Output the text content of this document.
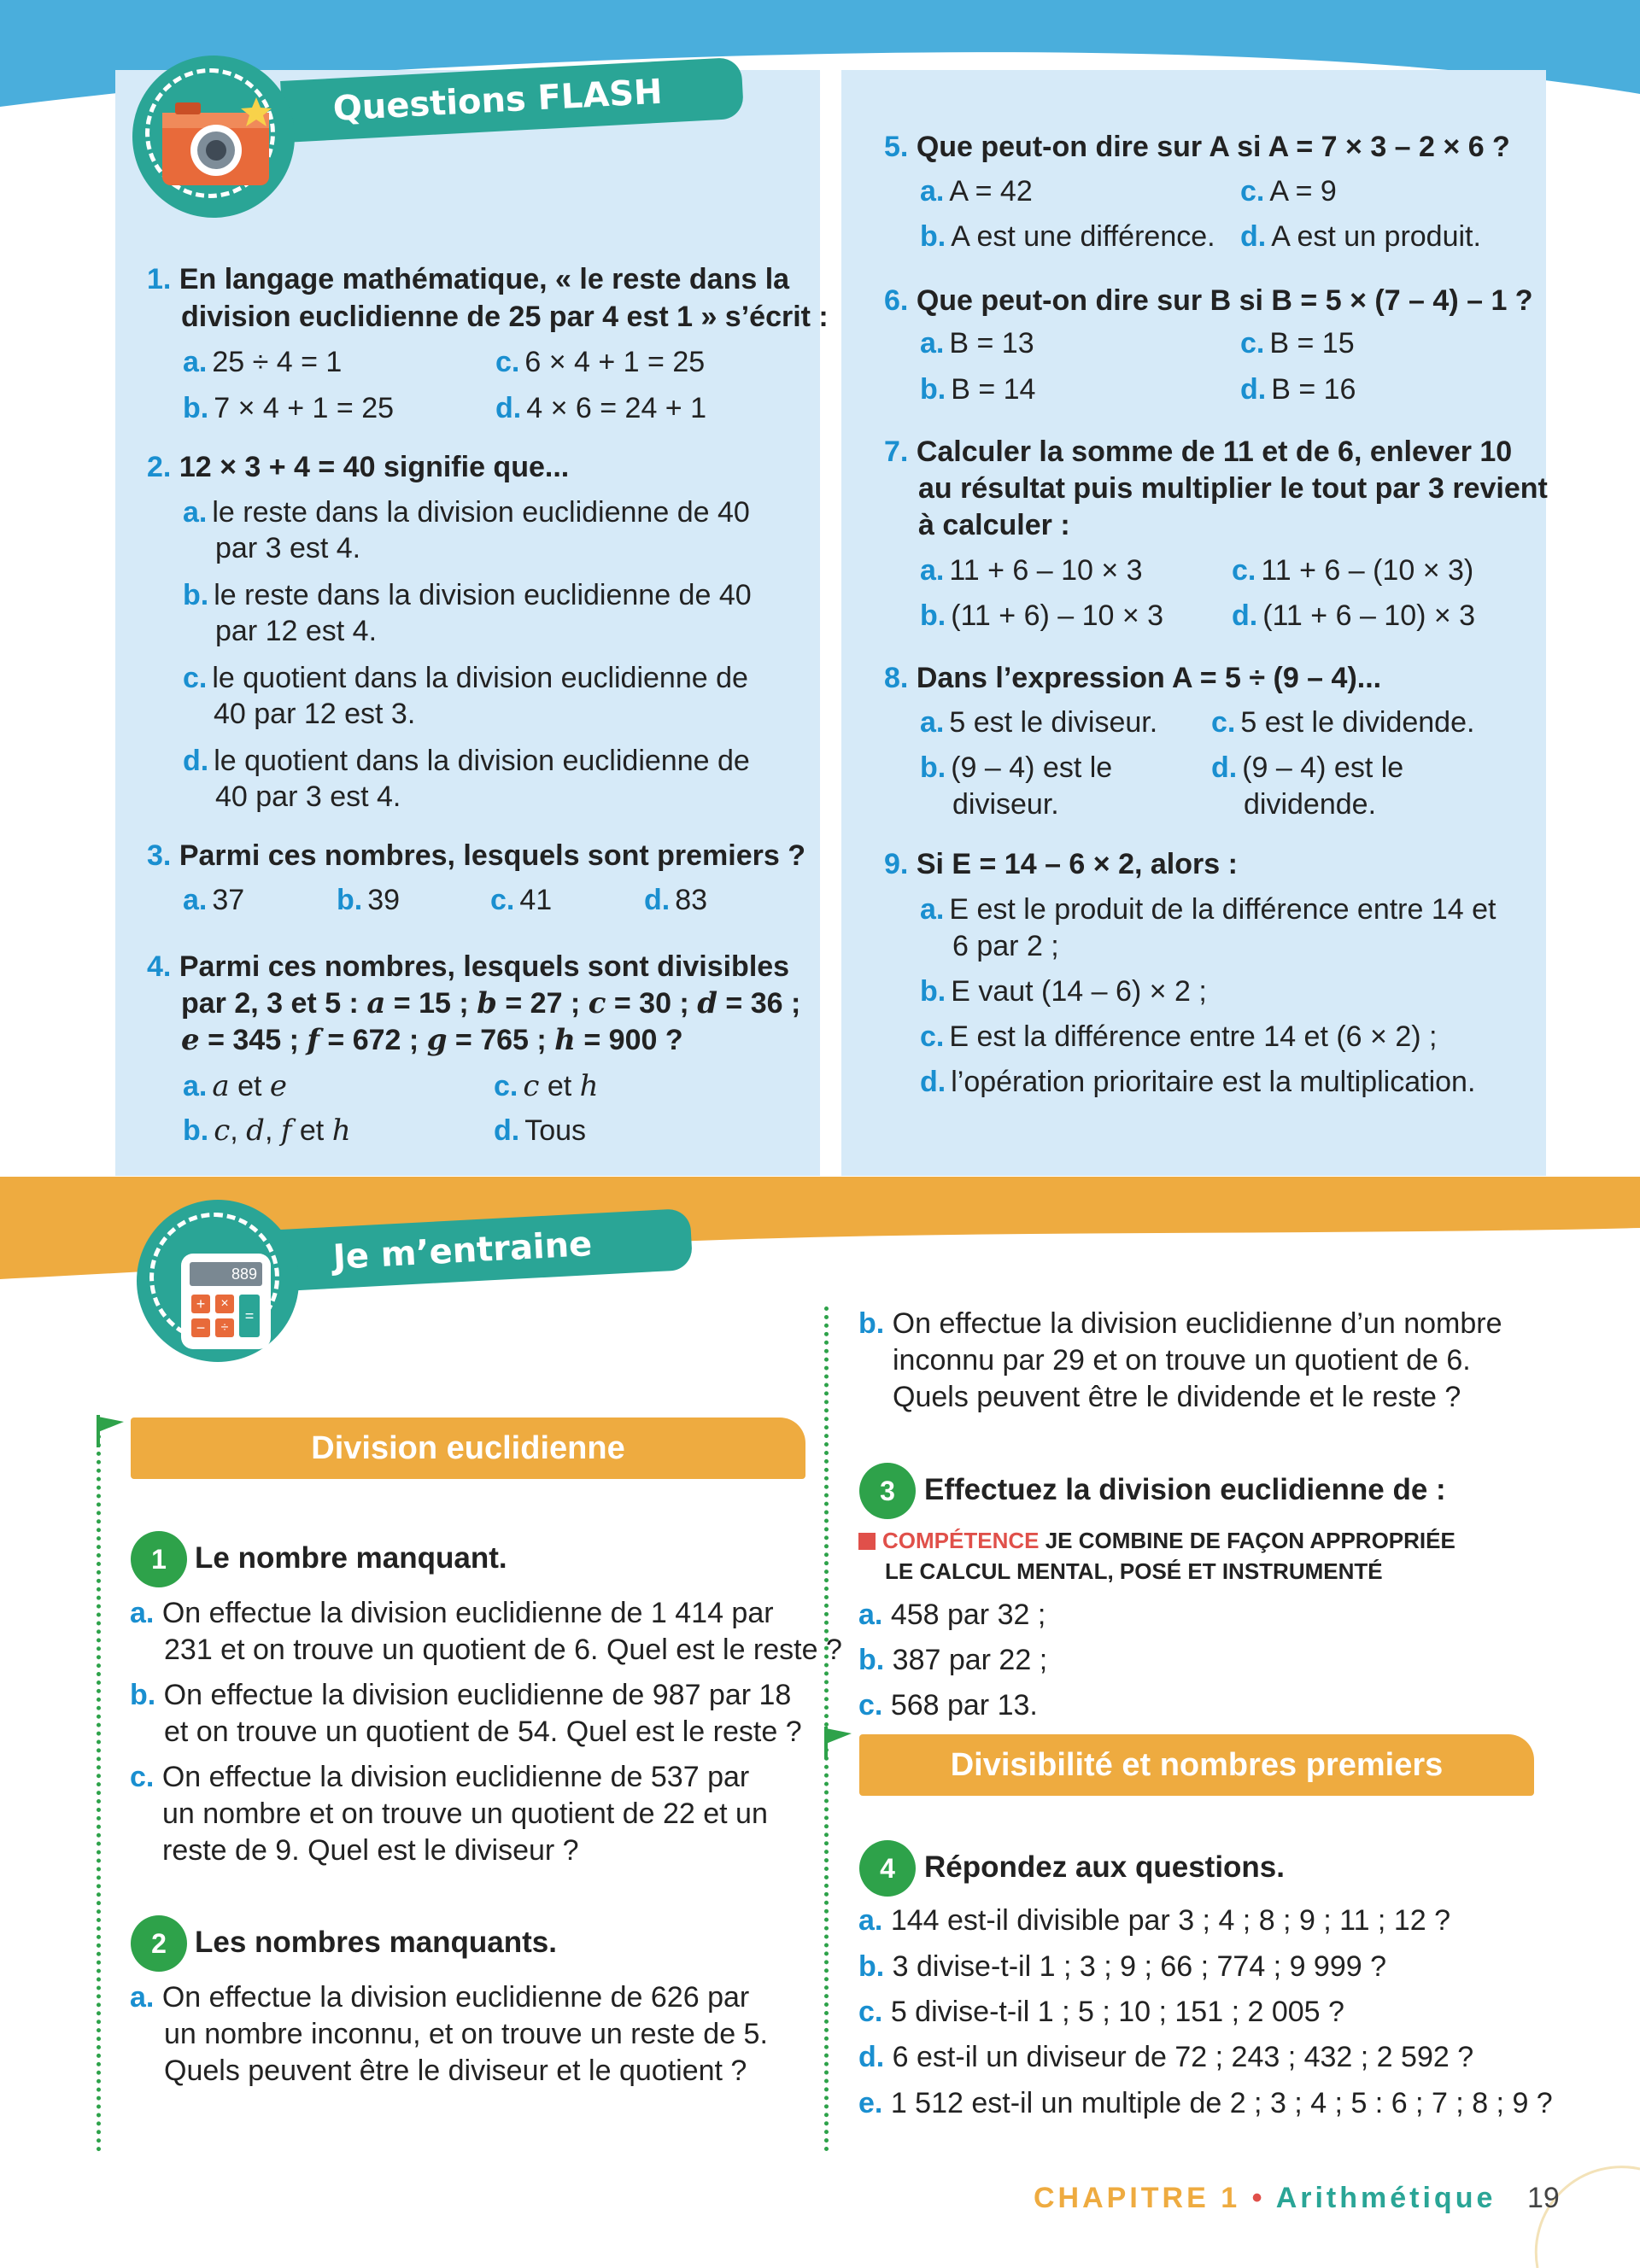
Questions FLASH
1. En langage mathématique, « le reste dans la
division euclidienne de 25 par 4 est 1 » s’écrit :
a. 25 ÷ 4 = 1	c. 6 × 4 + 1 = 25
b. 7 × 4 + 1 = 25	d. 4 × 6 = 24 + 1
2. 12 × 3 + 4 = 40 signifie que...
a. le reste dans la division euclidienne de 40
par 3 est 4.
b. le reste dans la division euclidienne de 40
par 12 est 4.
c. le quotient dans la division euclidienne de
40 par 12 est 3.
d. le quotient dans la division euclidienne de
40 par 3 est 4.
3. Parmi ces nombres, lesquels sont premiers ?
a. 37	b. 39	c. 41	d. 83
4. Parmi ces nombres, lesquels sont divisibles
par 2, 3 et 5 : a = 15 ; b = 27 ; c = 30 ; d = 36 ;
e = 345 ; f = 672 ; g = 765 ; h = 900 ?
a. a et e	c. c et h
b. c, d, f et h	d. Tous
5. Que peut-on dire sur A si A = 7 × 3 – 2 × 6 ?
a. A = 42	c. A = 9
b. A est une différence. d. A est un produit.
6. Que peut-on dire sur B si B = 5 × (7 – 4) – 1 ?
a. B = 13	c. B = 15
b. B = 14	d. B = 16
7. Calculer la somme de 11 et de 6, enlever 10
au résultat puis multiplier le tout par 3 revient
à calculer :
a. 11 + 6 – 10 × 3	c. 11 + 6 – (10 × 3)
b. (11 + 6) – 10 × 3 d. (11 + 6 – 10) × 3
8. Dans l’expression A = 5 ÷ (9 – 4)...
a. 5 est le diviseur. c. 5 est le dividende.
b. (9 – 4) est le
diviseur.
d. (9 – 4) est le
dividende.
9. Si E = 14 – 6 × 2, alors :
a. E est le produit de la différence entre 14 et
6 par 2 ;
b. E vaut (14 – 6) × 2 ;
c. E est la différence entre 14 et (6 × 2) ;
d. l’opération prioritaire est la multiplication.
Je m’entraine
889
+	×
−	÷
=
Division euclidienne
1 Le nombre manquant.
a. On effectue la division euclidienne de 1 414 par
231 et on trouve un quotient de 6. Quel est le reste ?
b. On effectue la division euclidienne de 987 par 18
et on trouve un quotient de 54. Quel est le reste ?
c. On effectue la division euclidienne de 537 par
un nombre et on trouve un quotient de 22 et un
reste de 9. Quel est le diviseur ?
2 Les nombres manquants.
a. On effectue la division euclidienne de 626 par
un nombre inconnu, et on trouve un reste de 5.
Quels peuvent être le diviseur et le quotient ?
b. On effectue la division euclidienne d’un nombre
inconnu par 29 et on trouve un quotient de 6.
Quels peuvent être le dividende et le reste ?
3 Effectuez la division euclidienne de :
COMPÉTENCE JE COMBINE DE FAÇON APPROPRIÉE
LE CALCUL MENTAL, POSÉ ET INSTRUMENTÉ
a. 458 par 32 ;
b. 387 par 22 ;
c. 568 par 13.
Divisibilité et nombres premiers
4 Répondez aux questions.
a. 144 est-il divisible par 3 ; 4 ; 8 ; 9 ; 11 ; 12 ?
b. 3 divise-t-il 1 ; 3 ; 9 ; 66 ; 774 ; 9 999 ?
c. 5 divise-t-il 1 ; 5 ; 10 ; 151 ; 2 005 ?
d. 6 est-il un diviseur de 72 ; 243 ; 432 ; 2 592 ?
e. 1 512 est-il un multiple de 2 ; 3 ; 4 ; 5 : 6 ; 7 ; 8 ; 9 ?
CHAPITRE 1 • Arithmétique 19
